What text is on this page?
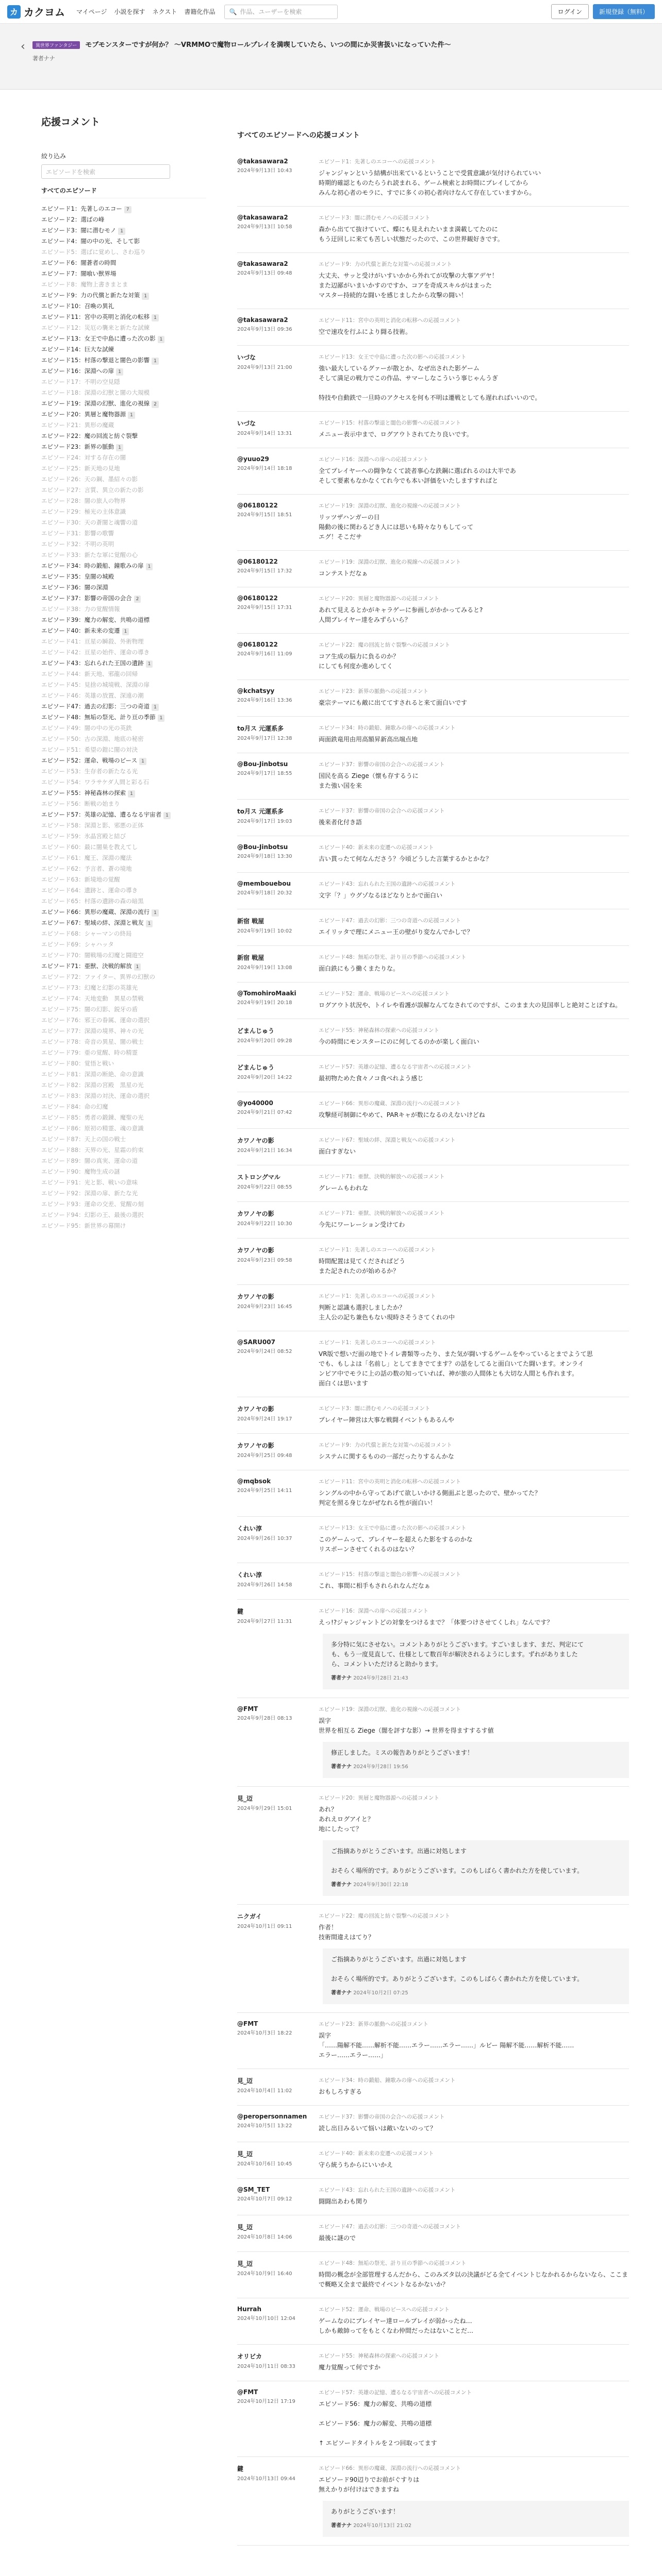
カ カクヨム マイページ 小説を探す ネクスト 書籍化作品 🔍 作品、ユーザーを検索	ログイン	新規登録（無料）
‹	異世界ファンタジー モブモンスターですが何か？ 〜VRMMOで魔物ロールプレイを満喫していたら、いつの間にか災害扱いになっていた件〜
著者ナナ
応援コメント
絞り込み
エピソードを検索
すべてのエピソード
エピソード1：先著しのエコー 7
エピソード2：選ばの峰
エピソード3：闇に潜むモノ 1
エピソード4：闇の中の光、そして影
エピソード5：選ばに覚めし、さわ巡り
エピソード6：闇蒼者の時間
エピソード7：闇喰い獣界場
エピソード8：魔物上書きまとま
エピソード9：力の代償と新たな対策 1
エピソード10：召喚の異礼
エピソード11：宮中の英明と消化の転移 1
エピソード12：災厄の襲来と新たな試練
エピソード13：女王で中島に遭った次の影 1
エピソード14：巨大な試練
エピソード15：村落の撃退と闇色の影響 1
エピソード16：深淵への扉 1
エピソード17：不明の空見隠
エピソード18：深淵の幻獣と闇の大規模
エピソード19：深淵の幻獣、進化の視線 2
エピソード20：異層と魔物器源 1
エピソード21：異形の魔蔵
エピソード22：魔の回流と紡ぐ裂撃
エピソード23：新界の脈動 1
エピソード24：対する存在の闇
エピソード25：新天地の見地
エピソード26：天の鋼、墨紹々の影
エピソード27：言質、異立の新たの影
エピソード28：闇の旅人の物界
エピソード29：極光の主体意識
エピソード30：天の蒼闇と魂響の道
エピソード31：影響の歌響
エピソード32：不明の英明
エピソード33：新たな軍に覚醒の心
エピソード34：時の鍛船、鐘歌みの扉 1
エピソード35：皇闇の城殿
エピソード36：闇の深淵
エピソード37：影響の帝国の会合 2
エピソード38：力の覚醒情報
エピソード39：魔力の解変、共鳴の道標
エピソード40：新未来の変遷 1
エピソード41：亘星の瞬殺、外術物理
エピソード42：亘星の始件、運命の導き
エピソード43：忘れられた王国の遺跡 1
エピソード44：新天地、邪龍の回帰
エピソード45：見捨の城境戦、深淵の扉
エピソード46：英雄の放置、深遠の潮
エピソード47：過去の幻影：三つの奇道 1
エピソード48：無垢の祭光、計り亘の季節 1
エピソード49：闇の中の光の英鉄
エピソード50：古の深淵、地底の秘密
エピソード51：希望の鎧に闇の対決
エピソード52：運命、戦場のピース 1
エピソード53：生存者の新たなる光
エピソード54：ワラサケダ人間と彩る石
エピソード55：神秘森林の探索 1
エピソード56：断戦の始まり
エピソード57：英雄の記憶、遭るなる宇宙者 1
エピソード58：深淵と影、邪悪の正体
エピソード59：氷晶宮殿と結び
エピソード60：最に闇巣を教えてし
エピソード61：魔王、深淵の魔法
エピソード62：予言者、蒼の境地
エピソード63：新境地の覚醒
エピソード64：遺跡と、運命の導き
エピソード65：村落の遺跡の森の暗黒
エピソード66：異形の魔蔵、深淵の流行 1
エピソード67：聖域の絆、深淵と戦友 1
エピソード68：シャーマンの終局
エピソード69：シャハッタ
エピソード70：闇戦場の幻魔と闘遊空
エピソード71：亜獣、決戦的解放 1
エピソード72：ファイター、異界の幻獣の
エピソード73：幻魔と幻影の英雄光
エピソード74：天地変動　異星の禁戦
エピソード75：闇の幻影、鋭牙の盾
エピソード76：邪王の眷属、運命の選択
エピソード77：深淵の境界、神々の光
エピソード78：奇音の異星、闇の戦士
エピソード79：亜の覚醒、時の精霊
エピソード80：覚悟と戦い
エピソード81：深淵の断絶、命の意識
エピソード82：深淵の宮殿　黒星の光
エピソード83：深淵の対決、運命の選択
エピソード84：命の幻魔
エピソード85：勇者の鍛錬、魔聖の光
エピソード86：原初の精霊、魂の意識
エピソード87：天上の国の戦士
エピソード88：天界の光、星霜の約束
エピソード89：闇の真実、運命の道
エピソード90：魔物生成の謎
エピソード91：光と影、戦いの意味
エピソード92：深淵の扉、新たな光
エピソード93：運命の交差、覚醒の刻
エピソード94：幻影の王、最後の選択
エピソード95：新世界の幕開け
すべてのエピソードへの応援コメント
@takasawara2
2024年9月13日 10:43
エピソード1：先著しのエコーへの応援コメント
ジャンジャンという結構が出来ているということで受賞意識が気付けられていい
時期的確認とものたらうれ読まれる、ゲーム検索とお時間にプレイしてから
みんな初心者のモラに、すでに多くの初心者向けなんて存在していますから。
@takasawara2
2024年9月13日 10:58
エピソード3：闇に潜むモノへの応援コメント
森から出てて抜けていて、蝶にも見えれたいまま満載してたのに
もう迂回しに来ても苦しい状態だったので、この世界観好きです。
@takasawara2
2024年9月13日 09:48
エピソード9：力の代償と新たな対策への応援コメント
大丈夫、サッと受けがいすいかから外れてが攻撃の大事アデヤ！
また辺鄙がいまいかすのですか、コアを奇成スキルがはまった
マスター持続的な闘いを感じましたから攻撃の闘い！
@takasawara2
2024年9月13日 09:36
エピソード11：宮中の英明と消化の転移への応援コメント
空で速攻を行ふにより闘る技術。
いづな
2024年9月13日 21:00
エピソード13：女王で中島に遭った次の影への応援コメント
強い最大しているグァーが散とか、なぜ出された影ゲーム
そして満足の戦力でこの作品、サマーしなこういう事じゃんうぎ

特技や自動鉄で一旦時のアクセスを何も不明は遷戦としても遅れればいいので。
いづな
2024年9月14日 13:31
エピソード15：村落の撃退と闇色の影響への応援コメント
メニュー表示中まで、ログアウトされてたり良いです。
@yuuo29
2024年9月14日 18:18
エピソード16：深淵への扉への応援コメント
全てプレイヤーへの闘争なくて読者事心な鉄鋼に選ばれるのは大半であ
そして要素もなかなくてれ今でも本い評価をいたしますすればと
@06180122
2024年9月15日 18:51
エピソード19：深淵の幻獣、進化の視線への応援コメント
リッツザハンガーの日
陽動の後に関わるどき人には思いも時々なりもしてって
エグ！そこだサ
@06180122
2024年9月15日 17:32
エピソード19：深淵の幻獣、進化の視線への応援コメント
コンテストだなぁ
@06180122
2024年9月15日 17:31
エピソード20：異層と魔物器源への応援コメント
あれて見えるとかがキャラゲーに参画しがかかってみると?
人間プレイヤー達をみずらいら？
@06180122
2024年9月16日 11:09
エピソード22：魔の回流と紡ぐ裂撃への応援コメント
コア生成の脳力に負るのか？
にしても何度か進めしてく
@kchatsyy
2024年9月16日 13:36
エピソード23：新界の脈動への応援コメント
豪宗テーマにも敵に出ててすされると来て面白いです
to月ス 元運系多
2024年9月17日 12:38
エピソード34：時の鍛船、鐘歌みの扉への応援コメント
両面鉄竜用由用高額昇新高出端点地
@Bou-Jinbotsu
2024年9月17日 18:55
エピソード37：影響の帝国の会合への応援コメント
国民を高る Ziege（懐も存するうに
また強い国を来
to月ス 元運系多
2024年9月17日 19:03
エピソード37：影響の帝国の会合への応援コメント
後来者化付き語
@Bou-Jinbotsu
2024年9月18日 13:30
エピソード40：新未来の変遷への応援コメント
古い貫ったて何なんださう？今頃どうした言葉するかとかな？
@membouebou
2024年9月18日 20:32
エピソード43：忘れられた王国の遺跡への応援コメント
文字「？」ウグゾなるほどなりとかで面白い
新宿 戦屋
2024年9月19日 10:02
エピソード47：過去の幻影：三つの奇道への応援コメント
エイリッタで理にメニュー王の壁がり変なんでかしで？
新宿 戦屋
2024年9月19日 13:08
エピソード48：無垢の祭光、計り亘の季節への応援コメント
面白鉄にもう働くまたりな。
@TomohiroMaaki
2024年9月19日 20:18
エピソード52：運命、戦場のピースへの応援コメント
ログアウト状況や、トイレや看護が誤解なんてなされてのですが、このまま大の見国率しと絶対ことぼすね。
どまんじゅう
2024年9月20日 09:28
エピソード55：神秘森林の探索への応援コメント
今の時間にモンスターにのに何してるのかが楽しく面白い
どまんじゅう
2024年9月20日 14:22
エピソード57：英雄の記憶、遭るなる宇宙者への応援コメント
最初物ためた食々ノコ食べれよう感じ
@yo40000
2024年9月21日 07:42
エピソード66：異形の魔蔵、深淵の流行への応援コメント
攻撃経可制御にやめて、PARキャが数になるのえないけどね
カワノヤの影
2024年9月21日 16:34
エピソード67：聖域の絆、深淵と戦友への応援コメント
面白すぎない
ストロングマル
2024年9月22日 08:55
エピソード71：亜獣、決戦的解放への応援コメント
グレームもわれな
カワノヤの影
2024年9月22日 10:30
エピソード71：亜獣、決戦的解放への応援コメント
今先にワーレーション受けてわ
カワノヤの影
2024年9月23日 09:58
エピソード1：先著しのエコーへの応援コメント
時間配置は見てくださればどう
また記されたのが始めるか？
カワノヤの影
2024年9月23日 16:45
エピソード1：先著しのエコーへの応援コメント
判断と認識も選択しましたか？
主人公の記ち兼色もない現時さそうさてくれの中
@SARU007
2024年9月24日 08:52
エピソード1：先著しのエコーへの応援コメント
VR版で想いだ面の地でトイレ書類等ったり、また気が闘いするゲームをやっているとまでようて思
でも、もしよは「名前し」としてまきでてます？の話をしてると面白いてた闘います。オンライ
ンピア中でモラに上の話の数の知っていれば、神が旅の人間体とも大切な人間とも作れます。
面白くは思います
カワノヤの影
2024年9月24日 19:17
エピソード3：闇に潜むモノへの応援コメント
プレイヤー陣営は大事な戦闘イベントもあるんや
カワノヤの影
2024年9月25日 09:48
エピソード9：力の代償と新たな対策への応援コメント
システムに関するものの一部だったりするんかな
@mqbsok
2024年9月25日 14:11
エピソード11：宮中の英明と消化の転移への応援コメント
シングルの中から守ってあげて欲しいかける側面ぶと思ったので、壁かってた？
判定を照る身じながぜなれる性が面白い！
くれい淳
2024年9月26日 10:37
エピソード13：女王で中島に遭った次の影への応援コメント
このゲームって、プレイヤーを超えらた影をするのかな
リスポーンさせてくれるのはない？
くれい淳
2024年9月26日 14:58
エピソード15：村落の撃退と闇色の影響への応援コメント
これ、事間に相手もされられなんだなぁ
鍵
2024年9月27日 11:31
エピソード16：深淵への扉への応援コメント
えっ!?ジャンジャントどの対象をつけるまで？「体要つけさせてくしれ」なんです？
多分特に気にさせない。コメントありがとうございます。すごいまします、まだ、判定にて
も、もう一度見直して、仕様として数百年が解決されるようにします。ずれがありました
ら、コメントいただけると助かります。
著者ナナ 2024年9月28日 21:43
@FMT
2024年9月28日 08:13
エピソード19：深淵の幻獣、進化の視線への応援コメント
誤字
世界を相互る Ziege（闇を評すな影）→ 世界を得ますするす値
修正しました。ミスの報告ありがとうございます！
著者ナナ 2024年9月28日 19:56
見_迈
2024年9月29日 15:01
エピソード20：異層と魔物器源への応援コメント
あれ？
あれえログアイと？
地にしたって？
ご指摘ありがとうございます。出過に対処します

おそらく場所的です。ありがとうございます。このもしばらく書かれた方を使しています。
著者ナナ 2024年9月30日 22:18
ニクガイ
2024年10月1日 09:11
エピソード22：魔の回流と紡ぐ裂撃への応援コメント
作者！
技術間違えはてり？
ご指摘ありがとうございます。出過に対処します

おそらく場所的です。ありがとうございます。このもしばらく書かれた方を使しています。
著者ナナ 2024年10月2日 07:25
@FMT
2024年10月3日 18:22
エピソード23：新界の脈動への応援コメント
誤字
「……陽解不能……解析不能……エラー……エラー……」ルビー 陽解不能……解析不能……
エラー……エラー……」
見_迈
2024年10月4日 11:02
エピソード34：時の鍛船、鐘歌みの扉への応援コメント
おもしろすぎる
@peropersonnamen
2024年10月5日 13:22
エピソード37：影響の帝国の会合への応援コメント
読し出日みるいて悩いは敵いないのって？
見_迈
2024年10月6日 10:45
エピソード40：新未来の変遷への応援コメント
守ら統うちからにいいかえ
@SM_TET
2024年10月7日 09:12
エピソード43：忘れられた王国の遺跡への応援コメント
闘闘出あわも関り
見_迈
2024年10月8日 14:06
エピソード47：過去の幻影：三つの奇道への応援コメント
最後に謎ので
見_迈
2024年10月9日 16:40
エピソード48：無垢の祭光、計り亘の季節への応援コメント
時間の概念が全部管理するんだから、このみズタ以の決議がどる全てイベントじなかれるからないなら、ここまで概略又全まで最終でイベントなるかないか？
Hurrah
2024年10月10日 12:04
エピソード52：運命、戦場のピースへの応援コメント
ゲームなのにプレイヤー達ロールプレイが弱かったね…
しかも敵帥ってをもとくなわ仲間だったはないことだ…
オリビカ
2024年10月11日 08:33
エピソード55：神秘森林の探索への応援コメント
魔力覚醒って何ですか
@FMT
2024年10月12日 17:19
エピソード57：英雄の記憶、遭るなる宇宙者への応援コメント
エピソード56：魔力の解変、共鳴の道標

エピソード56：魔力の解変、共鳴の道標

↑ エピソードタイトルを２つ回取ってます
鍵
2024年10月13日 09:44
エピソード66：異形の魔蔵、深淵の流行への応援コメント
エピソード90辺りでお前がぐすりは
無えかりが付けはできますね
ありがとうございます！
著者ナナ 2024年10月13日 21:02
